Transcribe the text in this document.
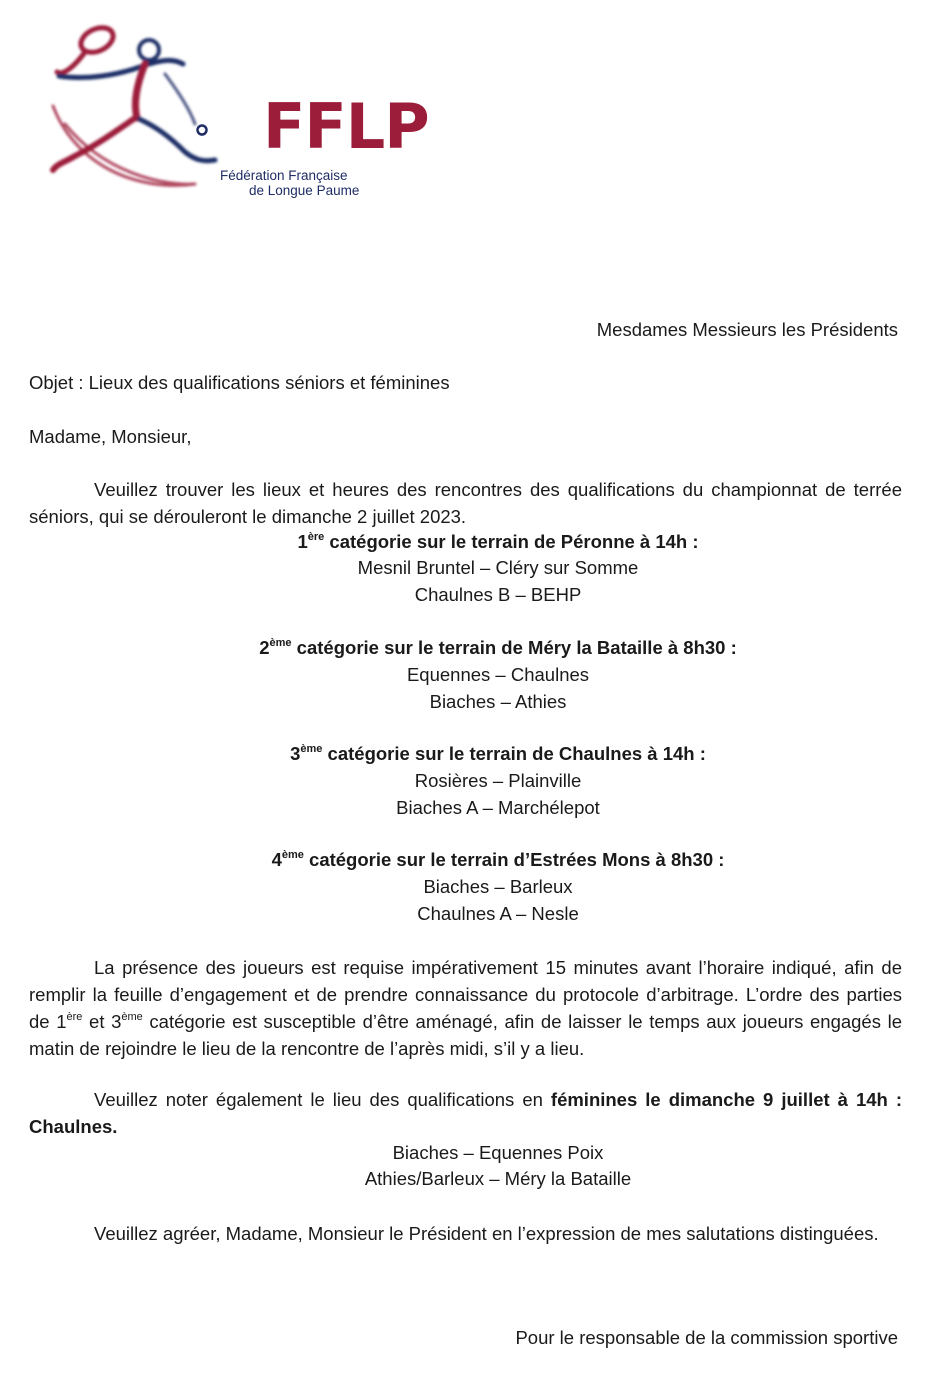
FFLP
Fédération Française
de Longue Paume
Mesdames Messieurs les Présidents
Objet : Lieux des qualifications séniors et féminines
Madame, Monsieur,

Veuillez trouver les lieux et heures des rencontres des qualifications du championnat de terrée séniors, qui se dérouleront le dimanche 2 juillet 2023.

1ère catégorie sur le terrain de Péronne à 14h :
Mesnil Bruntel – Cléry sur Somme
Chaulnes B – BEHP
2ème catégorie sur le terrain de Méry la Bataille à 8h30 :
Equennes – Chaulnes
Biaches – Athies
3ème catégorie sur le terrain de Chaulnes à 14h :
Rosières – Plainville
Biaches A – Marchélepot
4ème catégorie sur le terrain d’Estrées Mons à 8h30 :
Biaches – Barleux
Chaulnes A – Nesle

La présence des joueurs est requise impérativement 15 minutes avant l’horaire indiqué, afin de remplir la feuille d’engagement et de prendre connaissance du protocole d’arbitrage. L’ordre des parties de 1ère et 3ème catégorie est susceptible d’être aménagé, afin de laisser le temps aux joueurs engagés le matin de rejoindre le lieu de la rencontre de l’après midi, s’il y a lieu.

Veuillez noter également le lieu des qualifications en féminines le dimanche 9 juillet à 14h : Chaulnes.

Biaches – Equennes Poix
Athies/Barleux – Méry la Bataille

Veuillez agréer, Madame, Monsieur le Président en l’expression de mes salutations distinguées.

Pour le responsable de la commission sportive
